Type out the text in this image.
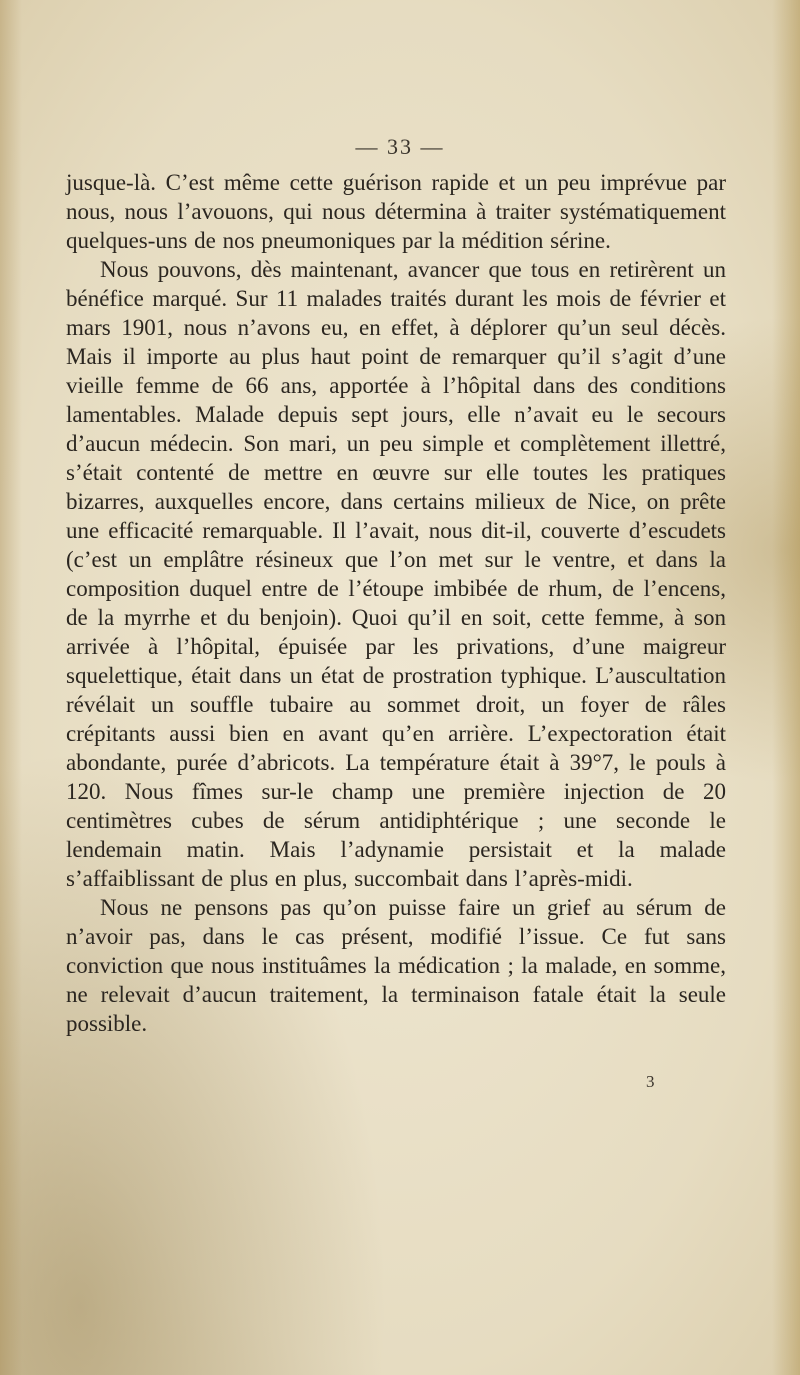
— 33 —

jusque-là. C’est même cette guérison rapide et un peu imprévue par nous, nous l’avouons, qui nous détermina à traiter systématiquement quelques-uns de nos pneumoniques par la médition sérine.

Nous pouvons, dès maintenant, avancer que tous en retirèrent un bénéfice marqué. Sur 11 malades traités durant les mois de février et mars 1901, nous n’avons eu, en effet, à déplorer qu’un seul décès. Mais il importe au plus haut point de remarquer qu’il s’agit d’une vieille femme de 66 ans, apportée à l’hôpital dans des conditions lamentables. Malade depuis sept jours, elle n’avait eu le secours d’aucun médecin. Son mari, un peu simple et complètement illettré, s’était contenté de mettre en œuvre sur elle toutes les pratiques bizarres, auxquelles encore, dans certains milieux de Nice, on prête une efficacité remarquable. Il l’avait, nous dit-il, couverte d’escudets (c’est un emplâtre résineux que l’on met sur le ventre, et dans la composition duquel entre de l’étoupe imbibée de rhum, de l’encens, de la myrrhe et du benjoin). Quoi qu’il en soit, cette femme, à son arrivée à l’hôpital, épuisée par les privations, d’une maigreur squelettique, était dans un état de prostration typhique. L’auscultation révélait un souffle tubaire au sommet droit, un foyer de râles crépitants aussi bien en avant qu’en arrière. L’expectoration était abondante, purée d’abricots. La température était à 39°7, le pouls à 120. Nous fîmes sur-le champ une première injection de 20 centimètres cubes de sérum antidiphtérique ; une seconde le lendemain matin. Mais l’adynamie persistait et la malade s’affaiblissant de plus en plus, succombait dans l’après-midi.

Nous ne pensons pas qu’on puisse faire un grief au sérum de n’avoir pas, dans le cas présent, modifié l’issue. Ce fut sans conviction que nous instituâmes la médication ; la malade, en somme, ne relevait d’aucun traitement, la terminaison fatale était la seule possible.

3
